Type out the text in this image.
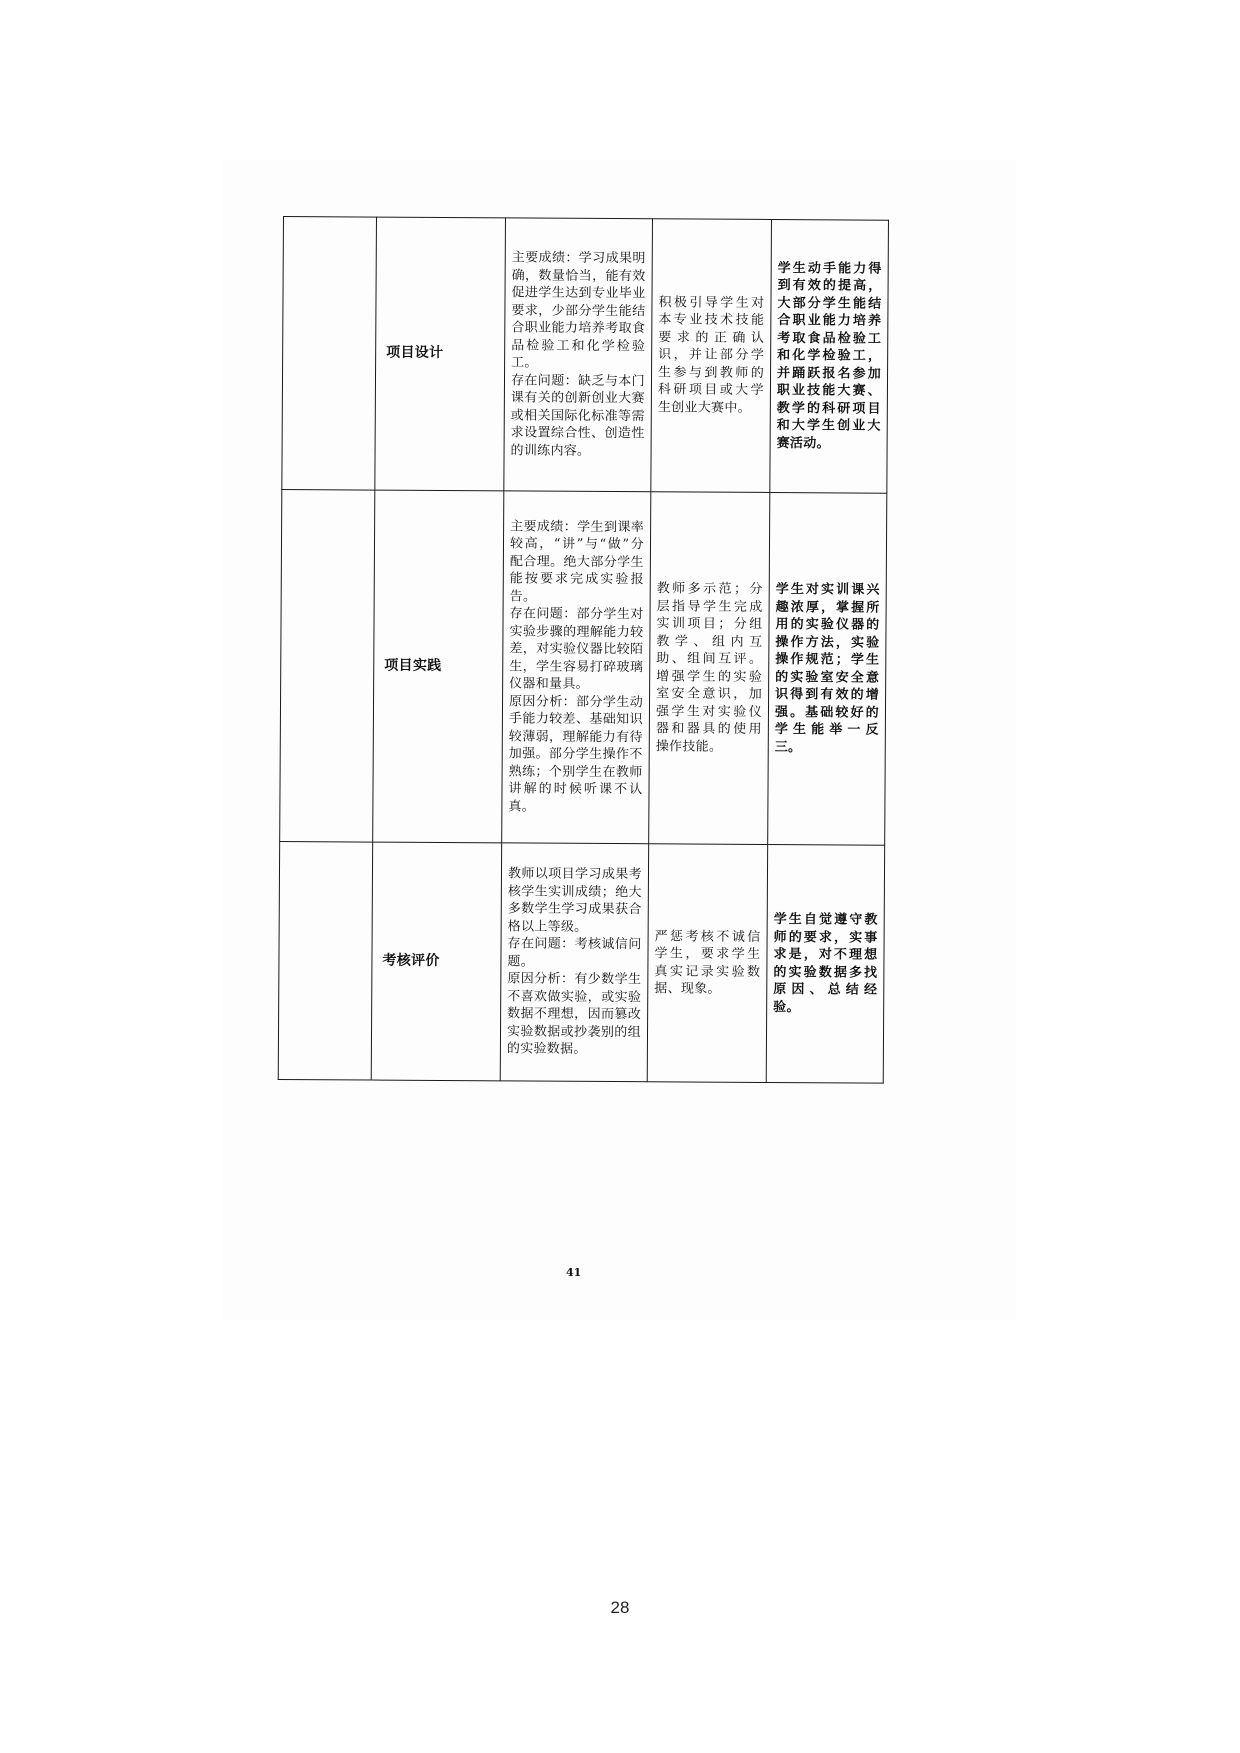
	项目设计	主要成绩：学习成果明确，数量恰当，能有效促进学生达到专业毕业要求，少部分学生能结合职业能力培养考取食品检验工和化学检验工。
存在问题：缺乏与本门课有关的创新创业大赛或相关国际化标准等需求设置综合性、创造性的训练内容。	积极引导学生对本专业技术技能要求的正确认识，并让部分学生参与到教师的科研项目或大学生创业大赛中。	学生动手能力得到有效的提高，大部分学生能结合职业能力培养考取食品检验工和化学检验工，并踊跃报名参加职业技能大赛、教学的科研项目和大学生创业大赛活动。

	项目实践	主要成绩：学生到课率较高，“讲”与“做”分配合理。绝大部分学生能按要求完成实验报告。
存在问题：部分学生对实验步骤的理解能力较差，对实验仪器比较陌生，学生容易打碎玻璃仪器和量具。
原因分析：部分学生动手能力较差、基础知识较薄弱，理解能力有待加强。部分学生操作不熟练；个别学生在教师讲解的时候听课不认真。	教师多示范；分层指导学生完成实训项目；分组教学、组内互助、组间互评。增强学生的实验室安全意识，加强学生对实验仪器和器具的使用操作技能。	学生对实训课兴趣浓厚，掌握所用的实验仪器的操作方法，实验操作规范；学生的实验室安全意识得到有效的增强。基础较好的学生能举一反三。

	考核评价	教师以项目学习成果考核学生实训成绩；绝大多数学生学习成果获合格以上等级。
存在问题：考核诚信问题。
原因分析：有少数学生不喜欢做实验，或实验数据不理想，因而篡改实验数据或抄袭别的组的实验数据。	严惩考核不诚信学生，要求学生真实记录实验数据、现象。	学生自觉遵守教师的要求，实事求是，对不理想的实验数据多找原因、总结经验。
41
28
